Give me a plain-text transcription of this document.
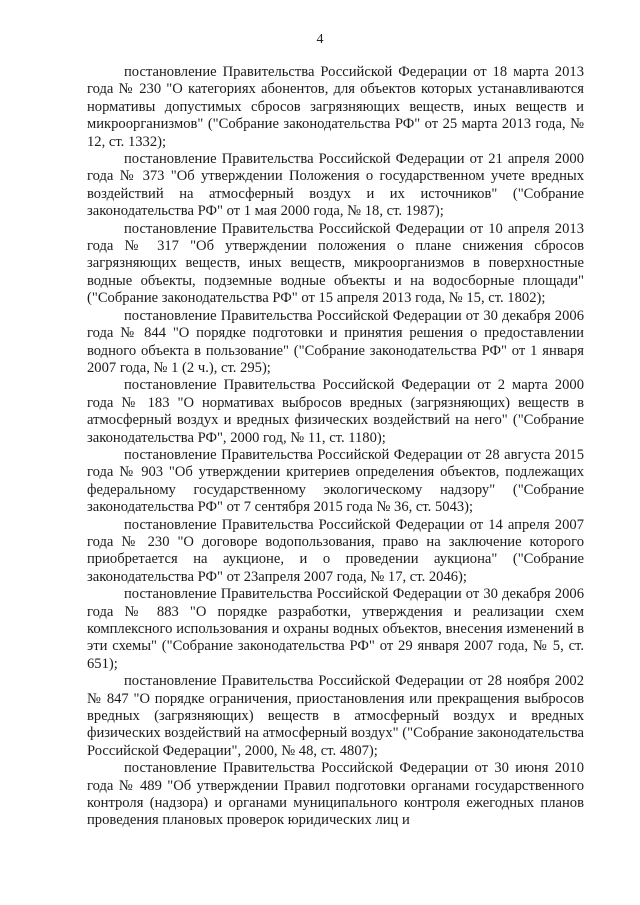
4

постановление Правительства Российской Федерации от 18 марта 2013 года № 230 "О категориях абонентов, для объектов которых устанавливаются нормативы допустимых сбросов загрязняющих веществ, иных веществ и микроорганизмов" ("Собрание законодательства РФ" от 25 марта 2013 года, № 12, ст. 1332);

постановление Правительства Российской Федерации от 21 апреля 2000 года № 373 "Об утверждении Положения о государственном учете вредных воздействий на атмосферный воздух и их источников" ("Собрание законодательства РФ" от 1 мая 2000 года, № 18, ст. 1987);

постановление Правительства Российской Федерации от 10 апреля 2013 года № 317 "Об утверждении положения о плане снижения сбросов загрязняющих веществ, иных веществ, микроорганизмов в поверхностные водные объекты, подземные водные объекты и на водосборные площади" ("Собрание законодательства РФ" от 15 апреля 2013 года, № 15, ст. 1802);

постановление Правительства Российской Федерации от 30 декабря 2006 года № 844 "О порядке подготовки и принятия решения о предоставлении водного объекта в пользование" ("Собрание законодательства РФ" от 1 января 2007 года, № 1 (2 ч.), ст. 295);

постановление Правительства Российской Федерации от 2 марта 2000 года № 183 "О нормативах выбросов вредных (загрязняющих) веществ в атмосферный воздух и вредных физических воздействий на него" ("Собрание законодательства РФ", 2000 год, № 11, ст. 1180);

постановление Правительства Российской Федерации от 28 августа 2015 года № 903 "Об утверждении критериев определения объектов, подлежащих федеральному государственному экологическому надзору" ("Собрание законодательства РФ" от 7 сентября 2015 года № 36, ст. 5043);

постановление Правительства Российской Федерации от 14 апреля 2007 года № 230 "О договоре водопользования, право на заключение которого приобретается на аукционе, и о проведении аукциона" ("Собрание законодательства РФ" от 23апреля 2007 года, № 17, ст. 2046);

постановление Правительства Российской Федерации от 30 декабря 2006 года № 883 "О порядке разработки, утверждения и реализации схем комплексного использования и охраны водных объектов, внесения изменений в эти схемы" ("Собрание законодательства РФ" от 29 января 2007 года, № 5, ст. 651);

постановление Правительства Российской Федерации от 28 ноября 2002 № 847 "О порядке ограничения, приостановления или прекращения выбросов вредных (загрязняющих) веществ в атмосферный воздух и вредных физических воздействий на атмосферный воздух" ("Собрание законодательства Российской Федерации", 2000, № 48, ст. 4807);

постановление Правительства Российской Федерации от 30 июня 2010 года № 489 "Об утверждении Правил подготовки органами государственного контроля (надзора) и органами муниципального контроля ежегодных планов проведения плановых проверок юридических лиц и
